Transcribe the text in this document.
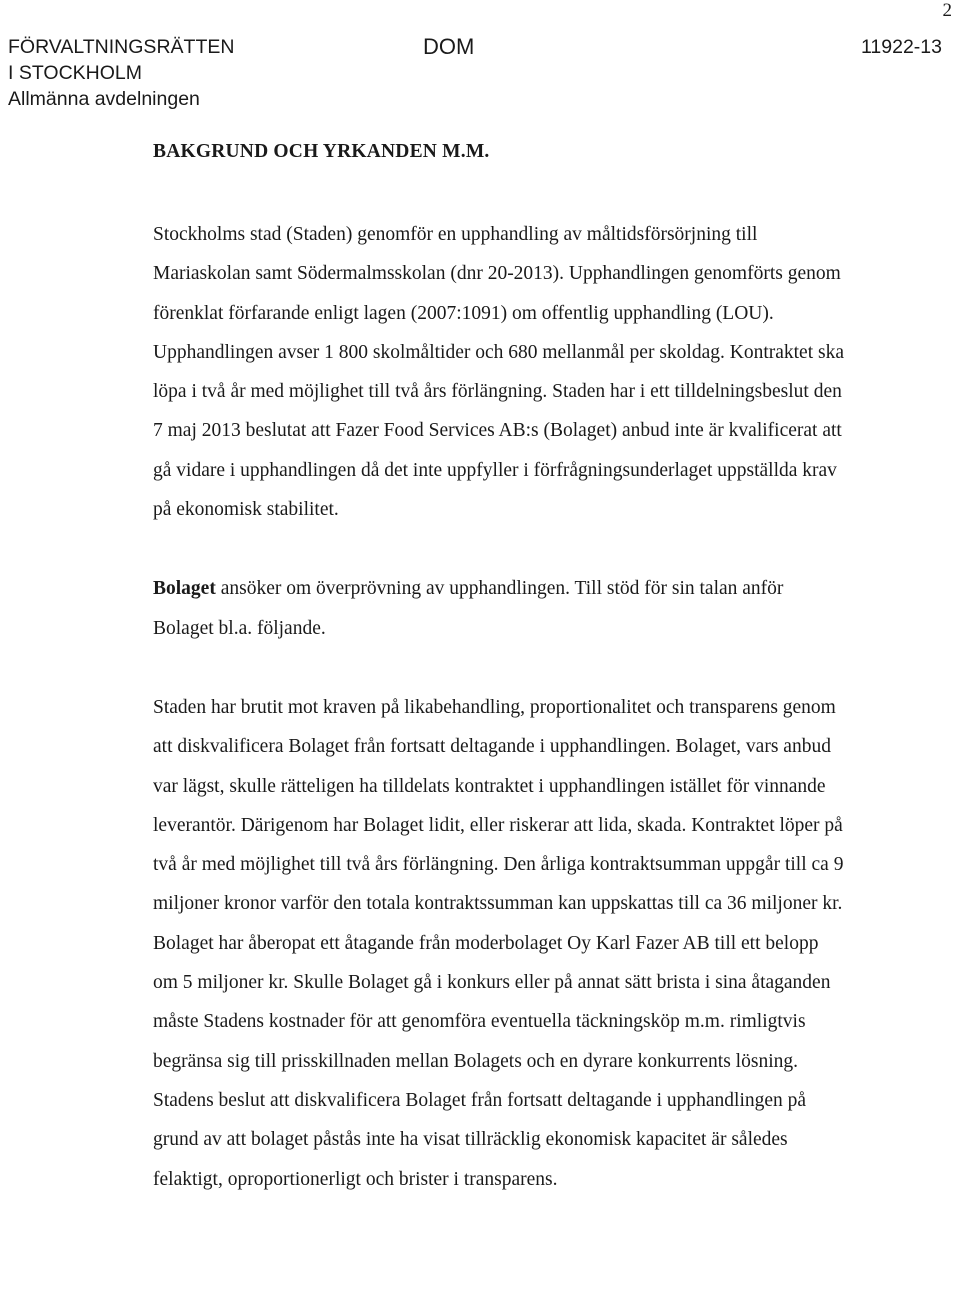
2
FÖRVALTNINGSRÄTTEN
I STOCKHOLM
Allmänna avdelningen
DOM	11922-13
BAKGRUND OCH YRKANDEN M.M.
Stockholms stad (Staden) genomför en upphandling av måltidsförsörjning till Mariaskolan samt Södermalmsskolan (dnr 20-2013). Upphandlingen genomförts genom förenklat förfarande enligt lagen (2007:1091) om offentlig upphandling (LOU). Upphandlingen avser 1 800 skolmåltider och 680 mellanmål per skoldag. Kontraktet ska löpa i två år med möjlighet till två års förlängning. Staden har i ett tilldelningsbeslut den 7 maj 2013 beslutat att Fazer Food Services AB:s (Bolaget) anbud inte är kvalificerat att gå vidare i upphandlingen då det inte uppfyller i förfrågningsunderlaget uppställda krav på ekonomisk stabilitet.
Bolaget ansöker om överprövning av upphandlingen. Till stöd för sin talan anför Bolaget bl.a. följande.
Staden har brutit mot kraven på likabehandling, proportionalitet och transparens genom att diskvalificera Bolaget från fortsatt deltagande i upphandlingen. Bolaget, vars anbud var lägst, skulle rätteligen ha tilldelats kontraktet i upphandlingen istället för vinnande leverantör. Därigenom har Bolaget lidit, eller riskerar att lida, skada. Kontraktet löper på två år med möjlighet till två års förlängning. Den årliga kontraktsumman uppgår till ca 9 miljoner kronor varför den totala kontraktssumman kan uppskattas till ca 36 miljoner kr. Bolaget har åberopat ett åtagande från moderbolaget Oy Karl Fazer AB till ett belopp om 5 miljoner kr. Skulle Bolaget gå i konkurs eller på annat sätt brista i sina åtaganden måste Stadens kostnader för att genomföra eventuella täckningsköp m.m. rimligtvis begränsa sig till prisskillnaden mellan Bolagets och en dyrare konkurrents lösning. Stadens beslut att diskvalificera Bolaget från fortsatt deltagande i upphandlingen på grund av att bolaget påstås inte ha visat tillräcklig ekonomisk kapacitet är således felaktigt, oproportionerligt och brister i transparens.
